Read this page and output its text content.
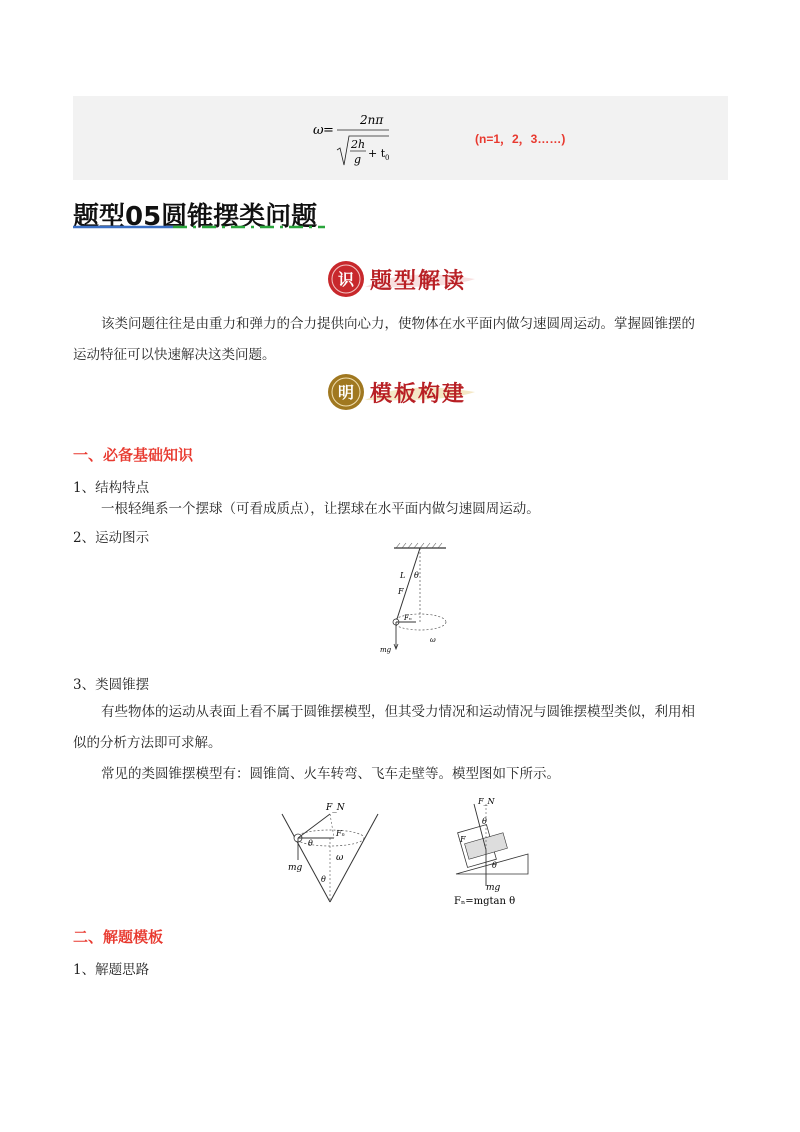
ω =
2nπ
2h
g + t 0
(n=1，2，3……)
题型05圆锥摆类问题
识 题型解读
该类问题往往是由重力和弹力的合力提供向心力，使物体在水平面内做匀速圆周运动。掌握圆锥摆的
运动特征可以快速解决这类问题。
明 模板构建
一、必备基础知识
1、结构特点
一根轻绳系一个摆球（可看成质点），让摆球在水平面内做匀速圆周运动。
2、运动图示
L θ
F
Fₙ
mg
ω
3、类圆锥摆
有些物体的运动从表面上看不属于圆锥摆模型，但其受力情况和运动情况与圆锥摆模型类似，利用相
似的分析方法即可求解。
常见的类圆锥摆模型有：圆锥筒、火车转弯、飞车走壁等。模型图如下所示。
F_N
Fₙ
θ
mg
ω
θ
F_N
θ
F
θ
mg
Fₙ=mgtan θ
二、解题模板
1、解题思路
